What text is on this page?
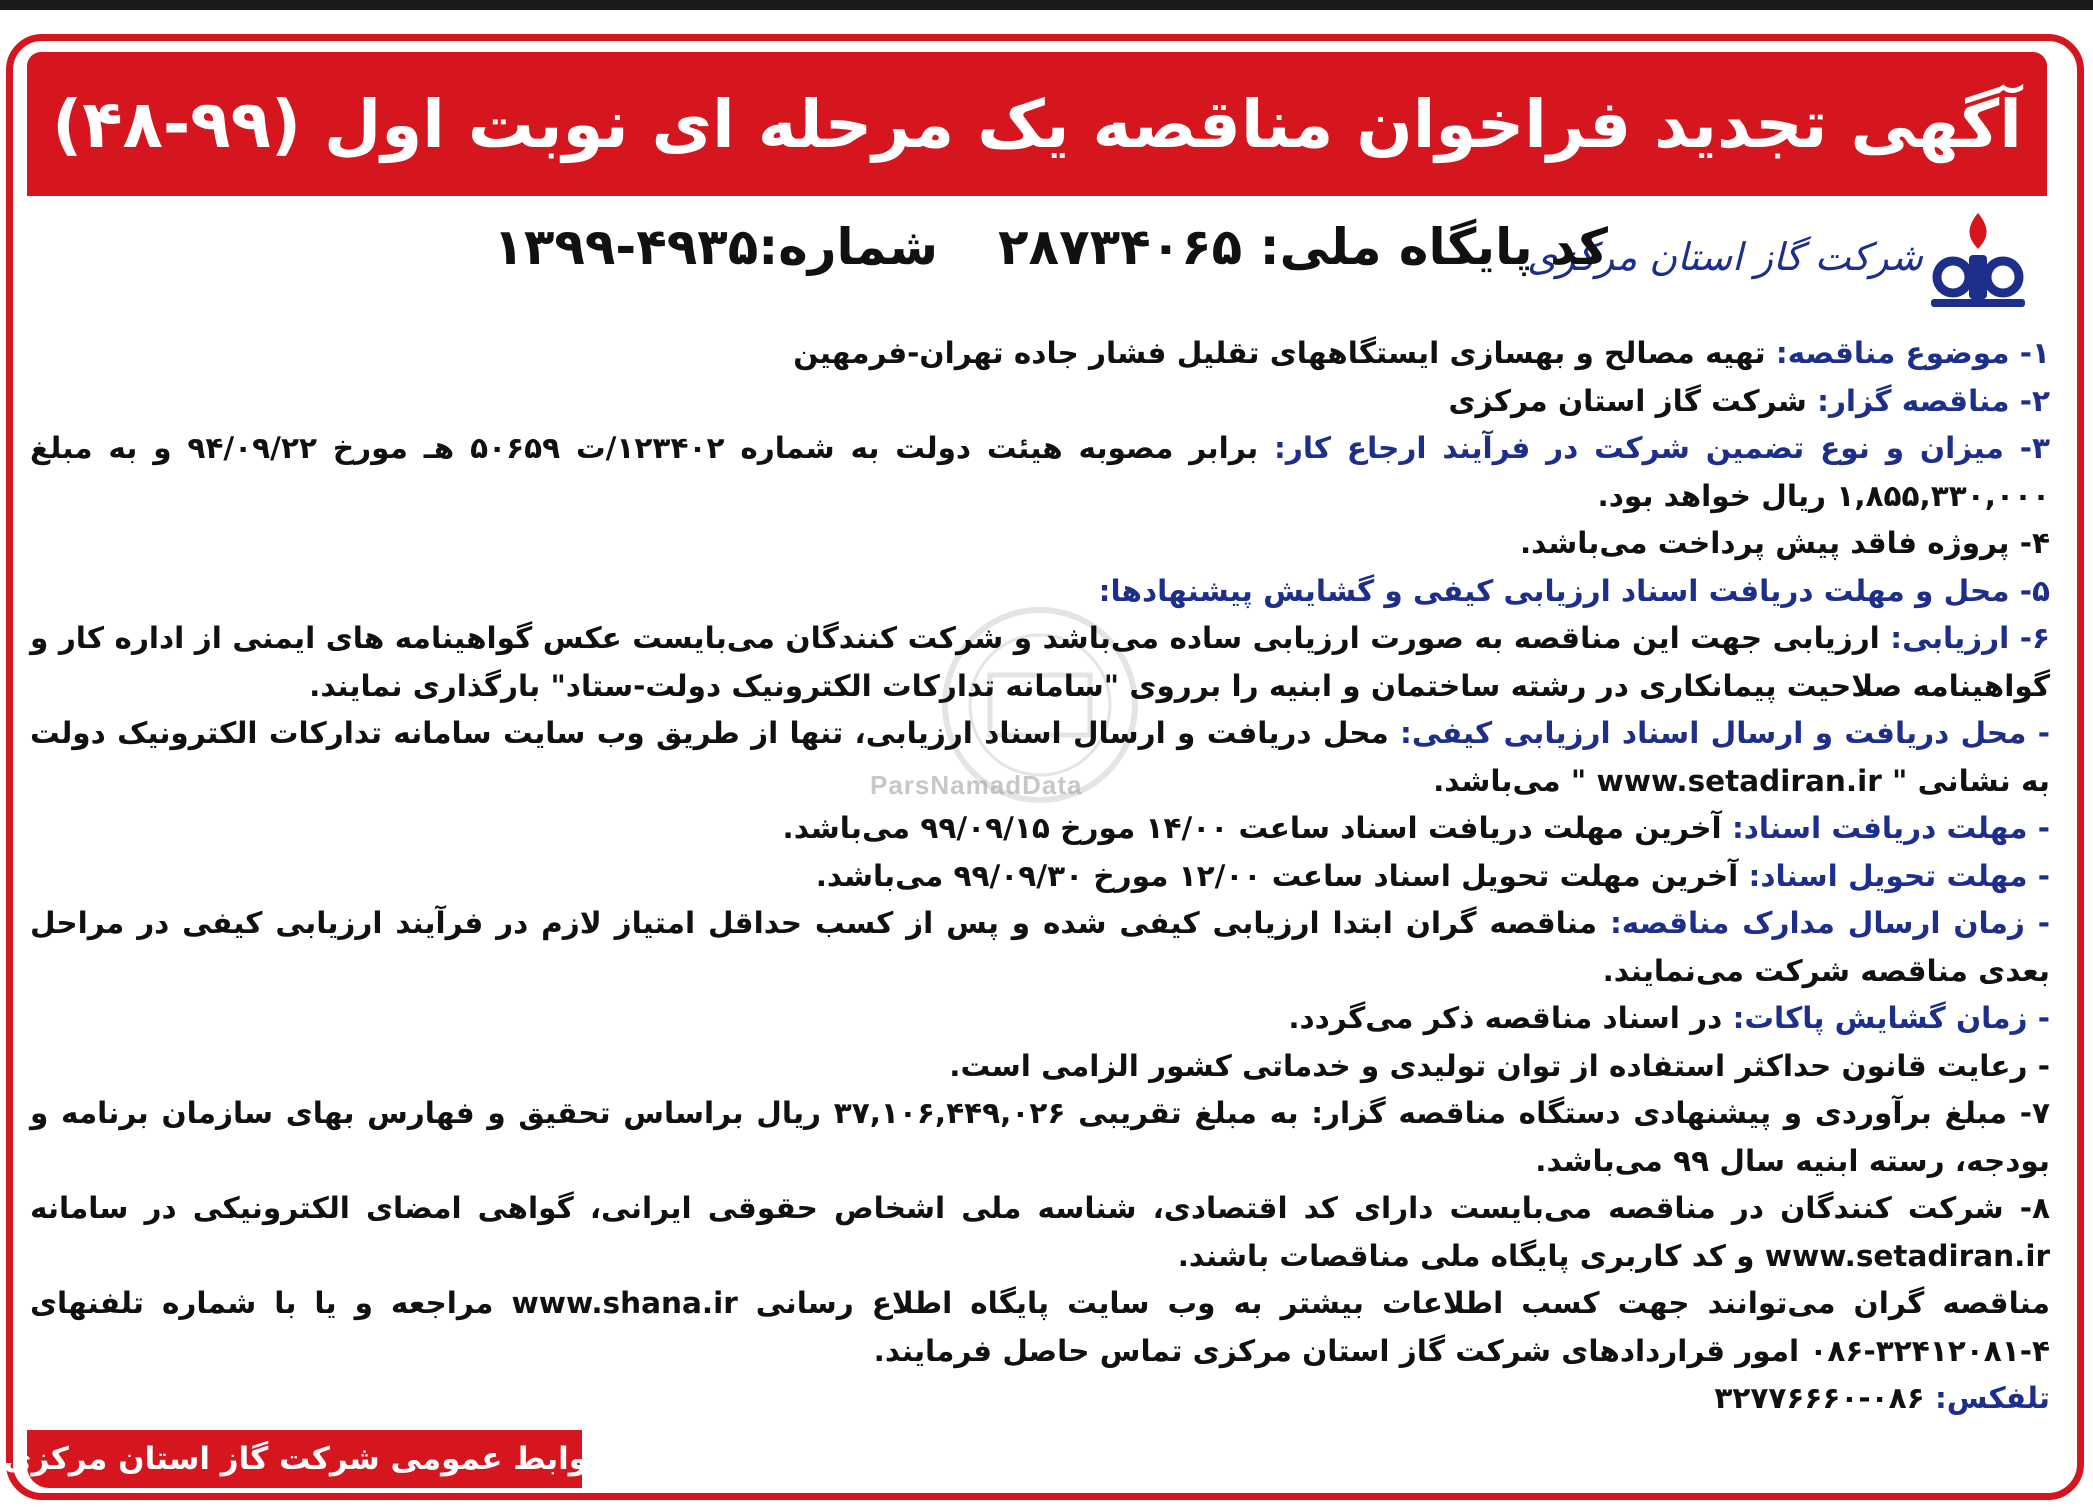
آگهی تجدید فراخوان مناقصه یک مرحله ای نوبت اول (۹۹-۴۸)
شرکت گاز استان مرکزی
کد پایگاه ملی: ۲۸۷۳۴۰۶۵شماره:۴۹۳۵-۱۳۹۹
ParsNamadData

۱- موضوع مناقصه: تهیه مصالح و بهسازی ایستگاههای تقلیل فشار جاده تهران-فرمهین

۲- مناقصه گزار: شرکت گاز استان مرکزی

۳- میزان و نوع تضمین شرکت در فرآیند ارجاع کار: برابر مصوبه هیئت دولت به شماره ۱۲۳۴۰۲/ت ۵۰۶۵۹ هـ مورخ ۹۴/۰۹/۲۲ و به مبلغ ۱,۸۵۵,۳۳۰,۰۰۰ ریال خواهد بود.

۴- پروژه فاقد پیش پرداخت می‌باشد.

۵- محل و مهلت دریافت اسناد ارزیابی کیفی و گشایش پیشنهادها:

۶- ارزیابی: ارزیابی جهت این مناقصه به صورت ارزیابی ساده می‌باشد و شرکت کنندگان می‌بایست عکس گواهینامه های ایمنی از اداره کار و گواهینامه صلاحیت پیمانکاری در رشته ساختمان و ابنیه را برروی "سامانه تدارکات الکترونیک دولت-ستاد" بارگذاری نمایند.

- محل دریافت و ارسال اسناد ارزیابی کیفی: محل دریافت و ارسال اسناد ارزیابی، تنها از طریق وب سایت سامانه تدارکات الکترونیک دولت به نشانی " www.setadiran.ir " می‌باشد.

- مهلت دریافت اسناد: آخرین مهلت دریافت اسناد ساعت ۱۴/۰۰ مورخ ۹۹/۰۹/۱۵ می‌باشد.

- مهلت تحویل اسناد: آخرین مهلت تحویل اسناد ساعت ۱۲/۰۰ مورخ ۹۹/۰۹/۳۰ می‌باشد.

- زمان ارسال مدارک مناقصه: مناقصه گران ابتدا ارزیابی کیفی شده و پس از کسب حداقل امتیاز لازم در فرآیند ارزیابی کیفی در مراحل بعدی مناقصه شرکت می‌نمایند.

- زمان گشایش پاکات: در اسناد مناقصه ذکر می‌گردد.

- رعایت قانون حداکثر استفاده از توان تولیدی و خدماتی کشور الزامی است.

۷- مبلغ برآوردی و پیشنهادی دستگاه مناقصه گزار: به مبلغ تقریبی ۳۷,۱۰۶,۴۴۹,۰۲۶ ریال براساس تحقیق و فهارس بهای سازمان برنامه و بودجه، رسته ابنیه سال ۹۹ می‌باشد.

۸- شرکت کنندگان در مناقصه می‌بایست دارای کد اقتصادی، شناسه ملی اشخاص حقوقی ایرانی، گواهی امضای الکترونیکی در سامانه www.setadiran.ir و کد کاربری پایگاه ملی مناقصات باشند.

مناقصه گران می‌توانند جهت کسب اطلاعات بیشتر به وب سایت پایگاه اطلاع رسانی www.shana.ir مراجعه و یا با شماره تلفنهای ۴-۳۲۴۱۲۰۸۱-۰۸۶ امور قراردادهای شرکت گاز استان مرکزی تماس حاصل فرمایند.

تلفکس: ۰۸۶-۳۲۷۷۶۶۶۰

روابط عمومی شرکت گاز استان مرکزی
